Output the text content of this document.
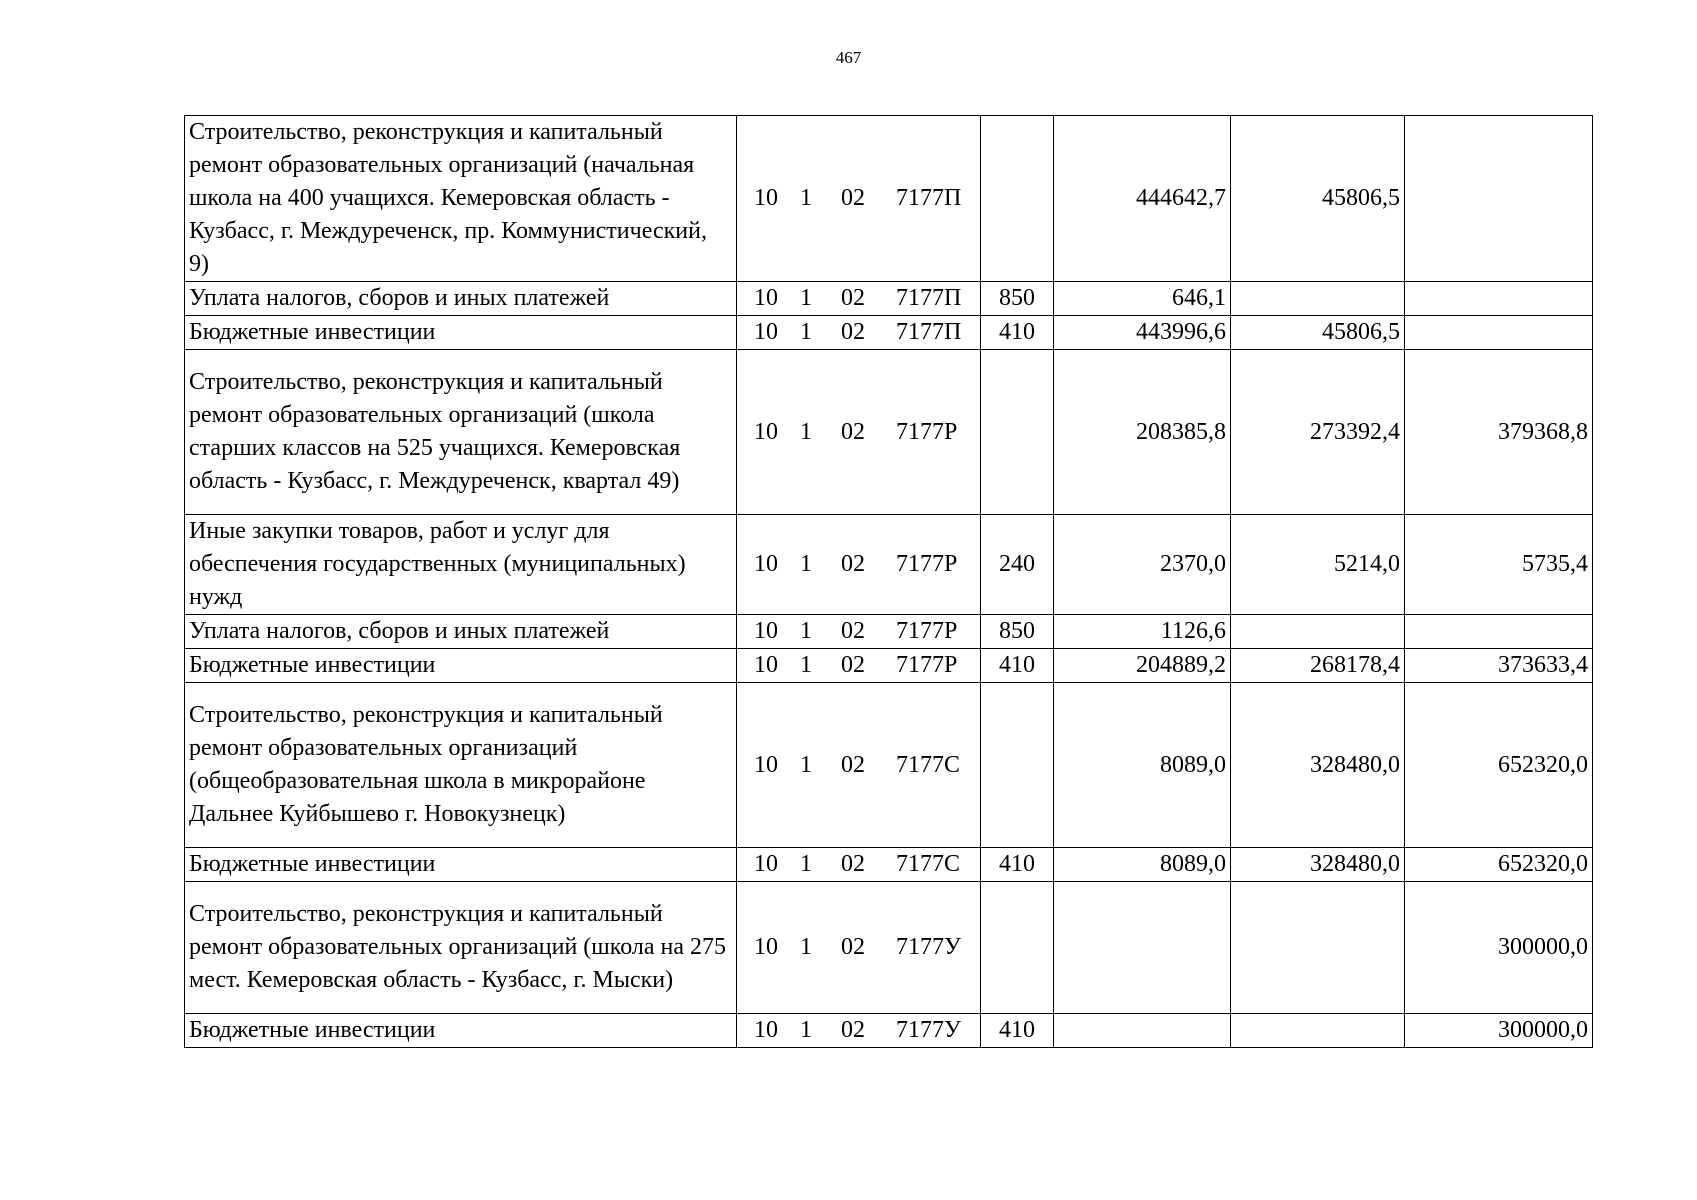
467
Строительство, реконструкция и капитальный ремонт образовательных организаций (начальная школа на 400 учащихся. Кемеровская область - Кузбасс, г. Междуреченск, пр. Коммунистический, 9)	10 1 02 7177П		444642,7	45806,5	
Уплата налогов, сборов и иных платежей	10 1 02 7177П	850	646,1		
Бюджетные инвестиции	10 1 02 7177П	410	443996,6	45806,5	
Строительство, реконструкция и капитальный ремонт образовательных организаций (школа старших классов на 525 учащихся. Кемеровская область - Кузбасс, г. Междуреченск, квартал 49)	10 1 02 7177Р		208385,8	273392,4	379368,8
Иные закупки товаров, работ и услуг для обеспечения государственных (муниципальных) нужд	10 1 02 7177Р	240	2370,0	5214,0	5735,4
Уплата налогов, сборов и иных платежей	10 1 02 7177Р	850	1126,6		
Бюджетные инвестиции	10 1 02 7177Р	410	204889,2	268178,4	373633,4
Строительство, реконструкция и капитальный ремонт образовательных организаций (общеобразовательная школа в микрорайоне Дальнее Куйбышево г. Новокузнецк)	10 1 02 7177С		8089,0	328480,0	652320,0
Бюджетные инвестиции	10 1 02 7177С	410	8089,0	328480,0	652320,0
Строительство, реконструкция и капитальный ремонт образовательных организаций (школа на 275 мест. Кемеровская область - Кузбасс, г. Мыски)	10 1 02 7177У				300000,0
Бюджетные инвестиции	10 1 02 7177У	410			300000,0
